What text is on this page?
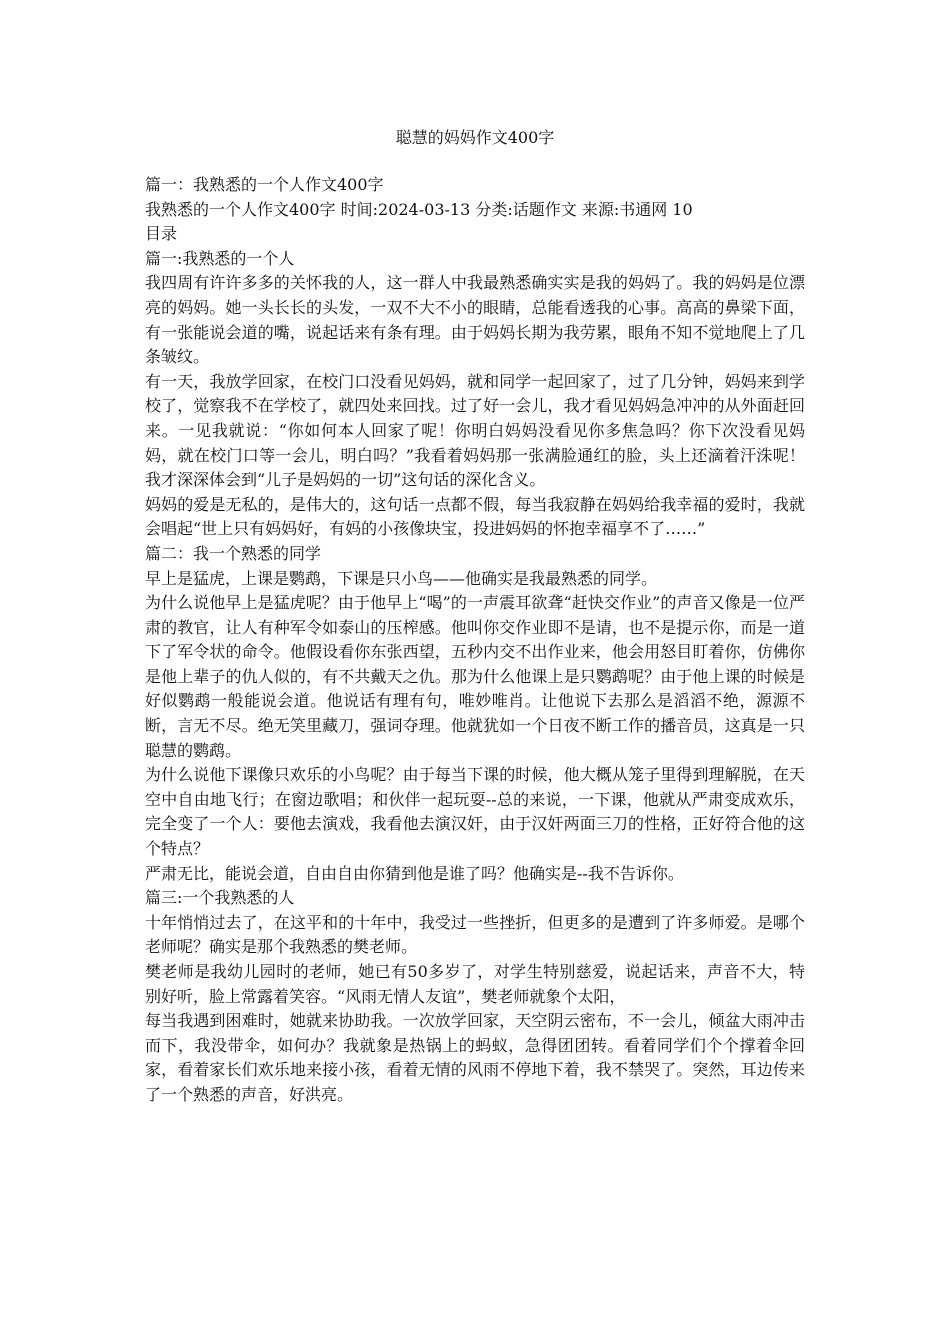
聪慧的妈妈作文400字

篇一：我熟悉的一个人作文400字

我熟悉的一个人作文400字 时间:2024-03-13 分类:话题作文 来源:书通网 10

目录

篇一:我熟悉的一个人

我四周有许许多多的关怀我的人，这一群人中我最熟悉确实实是我的妈妈了。我的妈妈是位漂亮的妈妈。她一头长长的头发，一双不大不小的眼睛，总能看透我的心事。高高的鼻梁下面，有一张能说会道的嘴，说起话来有条有理。由于妈妈长期为我劳累，眼角不知不觉地爬上了几条皱纹。

有一天，我放学回家，在校门口没看见妈妈，就和同学一起回家了，过了几分钟，妈妈来到学校了，觉察我不在学校了，就四处来回找。过了好一会儿，我才看见妈妈急冲冲的从外面赶回来。一见我就说：“你如何本人回家了呢！你明白妈妈没看见你多焦急吗？你下次没看见妈妈，就在校门口等一会儿，明白吗？”我看着妈妈那一张满脸通红的脸，头上还滴着汗洙呢！我才深深体会到“儿子是妈妈的一切”这句话的深化含义。

妈妈的爱是无私的，是伟大的，这句话一点都不假，每当我寂静在妈妈给我幸福的爱时，我就会唱起“世上只有妈妈好，有妈的小孩像块宝，投进妈妈的怀抱幸福享不了……”

篇二：我一个熟悉的同学

早上是猛虎，上课是鹦鹉，下课是只小鸟——他确实是我最熟悉的同学。

为什么说他早上是猛虎呢？由于他早上“喝”的一声震耳欲聋“赶快交作业”的声音又像是一位严肃的教官，让人有种军令如泰山的压榨感。他叫你交作业即不是请，也不是提示你，而是一道下了军令状的命令。他假设看你东张西望，五秒内交不出作业来，他会用怒目盯着你，仿佛你是他上辈子的仇人似的，有不共戴天之仇。那为什么他课上是只鹦鹉呢？由于他上课的时候是好似鹦鹉一般能说会道。他说话有理有句，唯妙唯肖。让他说下去那么是滔滔不绝，源源不断，言无不尽。绝无笑里藏刀，强词夺理。他就犹如一个日夜不断工作的播音员，这真是一只聪慧的鹦鹉。

为什么说他下课像只欢乐的小鸟呢？由于每当下课的时候，他大概从笼子里得到理解脱，在天空中自由地飞行；在窗边歌唱；和伙伴一起玩耍--总的来说，一下课，他就从严肃变成欢乐，完全变了一个人：要他去演戏，我看他去演汉奸，由于汉奸两面三刀的性格，正好符合他的这个特点？

严肃无比，能说会道，自由自由你猜到他是谁了吗？他确实是--我不告诉你。

篇三:一个我熟悉的人

十年悄悄过去了，在这平和的十年中，我受过一些挫折，但更多的是遭到了许多师爱。是哪个老师呢？确实是那个我熟悉的樊老师。

樊老师是我幼儿园时的老师，她已有50多岁了，对学生特别慈爱，说起话来，声音不大，特别好听，脸上常露着笑容。“风雨无情人友谊”，樊老师就象个太阳，

每当我遇到困难时，她就来协助我。一次放学回家，天空阴云密布，不一会儿，倾盆大雨冲击而下，我没带伞，如何办？我就象是热锅上的蚂蚁，急得团团转。看着同学们个个撑着伞回家，看着家长们欢乐地来接小孩，看着无情的风雨不停地下着，我不禁哭了。突然，耳边传来了一个熟悉的声音，好洪亮。
